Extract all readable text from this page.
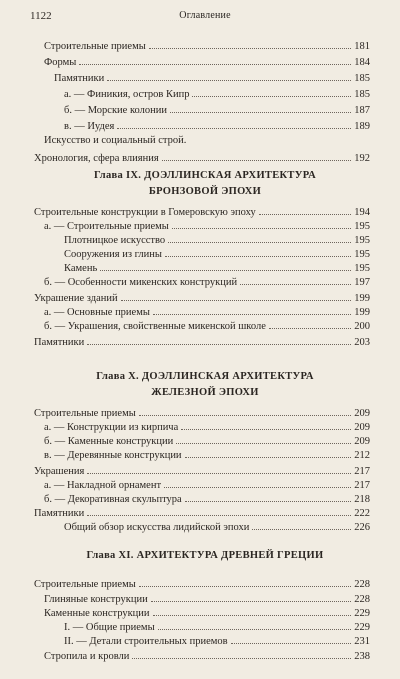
1122	Оглавление
Строительные приемы	181
Формы	184
Памятники	185
а. — Финикия, остров Кипр	185
б. — Морские колонии	187
в. — Иудея	189
Искусство и социальный строй.
Хронология, сфера влияния	192
Глава IX. ДОЭЛЛИНСКАЯ АРХИТЕКТУРА
БРОНЗОВОЙ ЭПОХИ
Строительные конструкции в Гомеровскую эпоху	194
а. — Строительные приемы	195
Плотницкое искусство	195
Сооружения из глины	195
Камень	195
б. — Особенности микенских конструкций	197
Украшение зданий	199
а. — Основные приемы	199
б. — Украшения, свойственные микенской школе	200
Памятники	203
Глава X. ДОЭЛЛИНСКАЯ АРХИТЕКТУРА
ЖЕЛЕЗНОЙ ЭПОХИ
Строительные приемы	209
а. — Конструкции из кирпича	209
б. — Каменные конструкции	209
в. — Деревянные конструкции	212
Украшения	217
а. — Накладной орнамент	217
б. — Декоративная скульптура	218
Памятники	222
Общий обзор искусства лидийской эпохи	226
Глава XI. АРХИТЕКТУРА ДРЕВНЕЙ ГРЕЦИИ
Строительные приемы	228
Глиняные конструкции	228
Каменные конструкции	229
I. — Общие приемы	229
II. — Детали строительных приемов	231
Стропила и кровли	238
